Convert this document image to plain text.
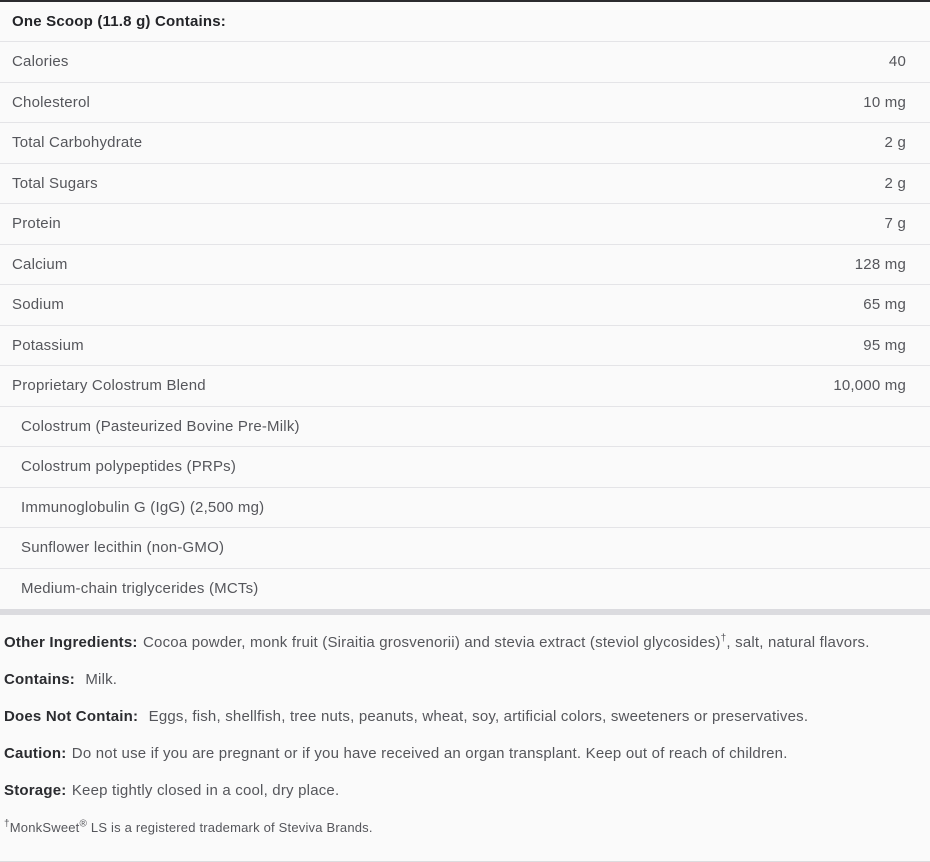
One Scoop (11.8 g) Contains:
Calories	40
Cholesterol	10 mg
Total Carbohydrate	2 g
Total Sugars	2 g
Protein	7 g
Calcium	128 mg
Sodium	65 mg
Potassium	95 mg
Proprietary Colostrum Blend	10,000 mg
Colostrum (Pasteurized Bovine Pre-Milk)
Colostrum polypeptides (PRPs)
Immunoglobulin G (IgG) (2,500 mg)
Sunflower lecithin (non-GMO)
Medium-chain triglycerides (MCTs)

Other Ingredients: Cocoa powder, monk fruit (Siraitia grosvenorii) and stevia extract (steviol glycosides)†, salt, natural flavors.

Contains: Milk.

Does Not Contain: Eggs, fish, shellfish, tree nuts, peanuts, wheat, soy, artificial colors, sweeteners or preservatives.

Caution: Do not use if you are pregnant or if you have received an organ transplant. Keep out of reach of children.

Storage: Keep tightly closed in a cool, dry place.

†MonkSweet® LS is a registered trademark of Steviva Brands.
